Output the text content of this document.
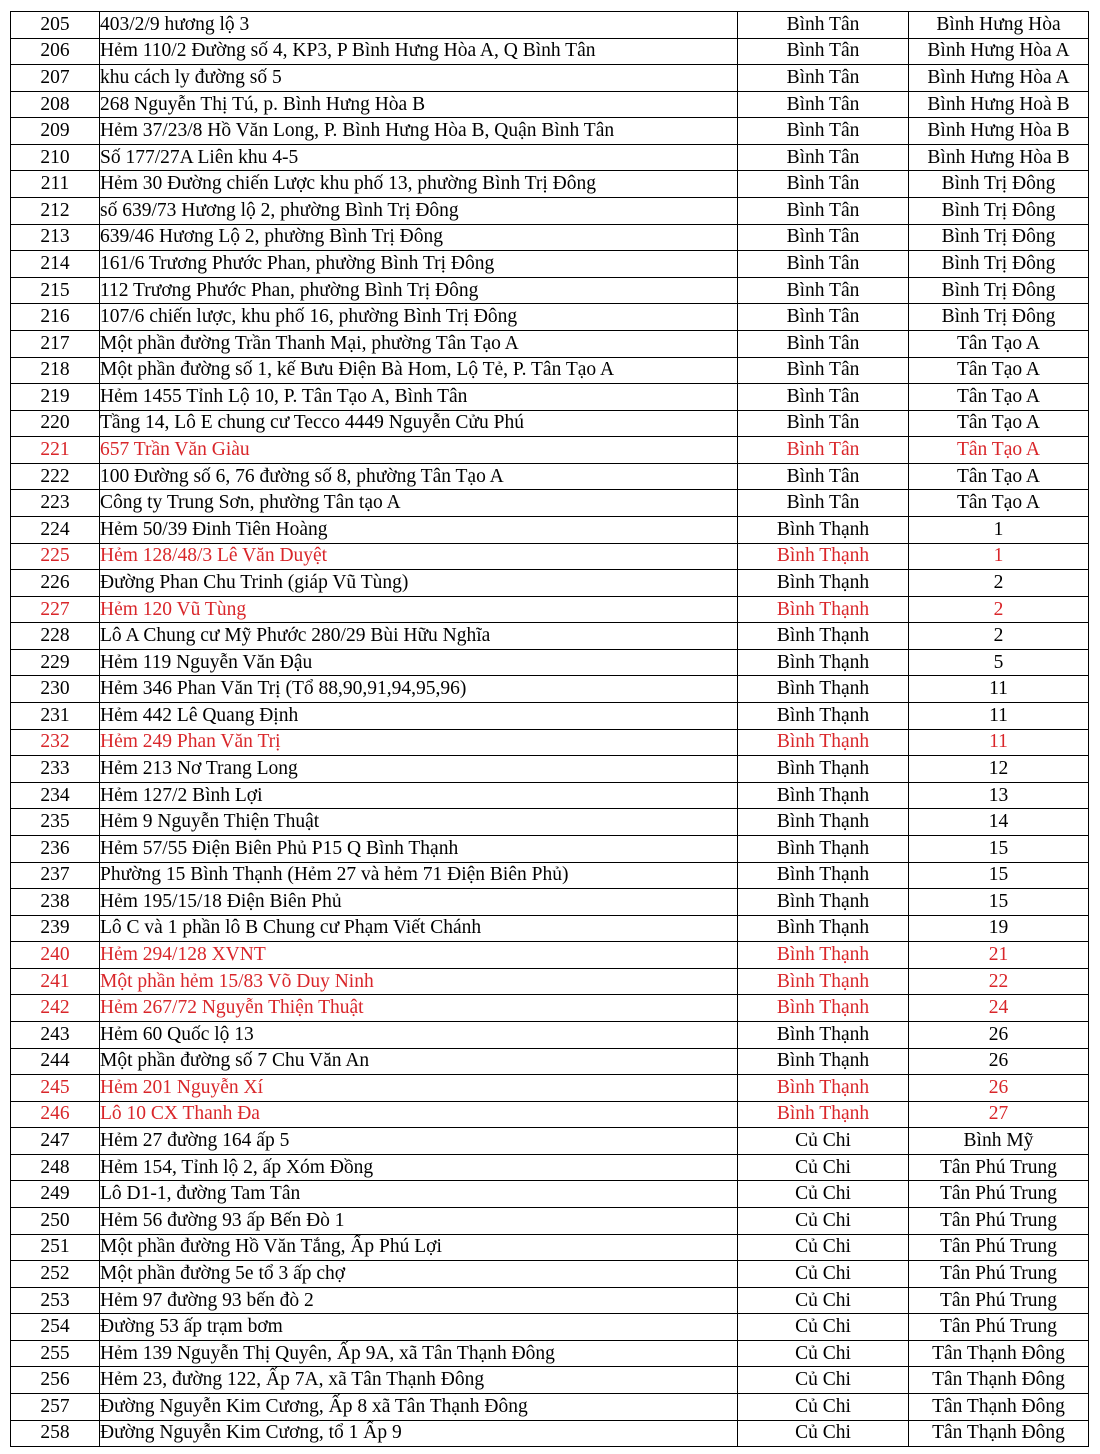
205	403/2/9 hương lộ 3	Bình Tân	Bình Hưng Hòa
206	Hẻm 110/2 Đường số 4, KP3, P Bình Hưng Hòa A, Q Bình Tân	Bình Tân	Bình Hưng Hòa A
207	khu cách ly đường số 5	Bình Tân	Bình Hưng Hòa A
208	268 Nguyễn Thị Tú, p. Bình Hưng Hòa B	Bình Tân	Bình Hưng Hoà B
209	Hẻm 37/23/8 Hồ Văn Long, P. Bình Hưng Hòa B, Quận Bình Tân	Bình Tân	Bình Hưng Hòa B
210	Số 177/27A Liên khu 4-5	Bình Tân	Bình Hưng Hòa B
211	Hẻm 30 Đường chiến Lược khu phố 13, phường Bình Trị Đông	Bình Tân	Bình Trị Đông
212	số 639/73 Hương lộ 2, phường Bình Trị Đông	Bình Tân	Bình Trị Đông
213	639/46 Hương Lộ 2, phường Bình Trị Đông	Bình Tân	Bình Trị Đông
214	161/6 Trương Phước Phan, phường Bình Trị Đông	Bình Tân	Bình Trị Đông
215	112 Trương Phước Phan, phường Bình Trị Đông	Bình Tân	Bình Trị Đông
216	107/6 chiến lược, khu phố 16, phường Bình Trị Đông	Bình Tân	Bình Trị Đông
217	Một phần đường Trần Thanh Mại, phường Tân Tạo A	Bình Tân	Tân Tạo A
218	Một phần đường số 1, kế Bưu Điện Bà Hom, Lộ Tẻ, P. Tân Tạo A	Bình Tân	Tân Tạo A
219	Hẻm 1455 Tỉnh Lộ 10, P. Tân Tạo A, Bình Tân	Bình Tân	Tân Tạo A
220	Tầng 14, Lô E chung cư Tecco 4449 Nguyễn Cửu Phú	Bình Tân	Tân Tạo A
221	657 Trần Văn Giàu	Bình Tân	Tân Tạo A
222	100 Đường số 6, 76 đường số 8, phường Tân Tạo A	Bình Tân	Tân Tạo A
223	Công ty Trung Sơn, phường Tân tạo A	Bình Tân	Tân Tạo A
224	Hẻm 50/39 Đinh Tiên Hoàng	Bình Thạnh	1
225	Hẻm 128/48/3 Lê Văn Duyệt	Bình Thạnh	1
226	Đường Phan Chu Trinh (giáp Vũ Tùng)	Bình Thạnh	2
227	Hẻm 120 Vũ Tùng	Bình Thạnh	2
228	Lô A Chung cư Mỹ Phước 280/29 Bùi Hữu Nghĩa	Bình Thạnh	2
229	Hẻm 119 Nguyễn Văn Đậu	Bình Thạnh	5
230	Hẻm 346 Phan Văn Trị (Tổ 88,90,91,94,95,96)	Bình Thạnh	11
231	Hẻm 442 Lê Quang Định	Bình Thạnh	11
232	Hẻm 249 Phan Văn Trị	Bình Thạnh	11
233	Hẻm 213 Nơ Trang Long	Bình Thạnh	12
234	Hẻm 127/2 Bình Lợi	Bình Thạnh	13
235	Hẻm 9 Nguyễn Thiện Thuật	Bình Thạnh	14
236	Hẻm 57/55 Điện Biên Phủ P15 Q Bình Thạnh	Bình Thạnh	15
237	Phường 15 Bình Thạnh (Hẻm 27 và hẻm 71 Điện Biên Phủ)	Bình Thạnh	15
238	Hẻm 195/15/18 Điện Biên Phủ	Bình Thạnh	15
239	Lô C và 1 phần lô B Chung cư Phạm Viết Chánh	Bình Thạnh	19
240	Hẻm 294/128 XVNT	Bình Thạnh	21
241	Một phần hẻm 15/83 Võ Duy Ninh	Bình Thạnh	22
242	Hẻm 267/72 Nguyễn Thiện Thuật	Bình Thạnh	24
243	Hẻm 60 Quốc lộ 13	Bình Thạnh	26
244	Một phần đường số 7 Chu Văn An	Bình Thạnh	26
245	Hẻm 201 Nguyễn Xí	Bình Thạnh	26
246	Lô 10 CX Thanh Đa	Bình Thạnh	27
247	Hẻm 27 đường 164 ấp 5	Củ Chi	Bình Mỹ
248	Hẻm 154, Tỉnh lộ 2, ấp Xóm Đồng	Củ Chi	Tân Phú Trung
249	Lô D1-1, đường Tam Tân	Củ Chi	Tân Phú Trung
250	Hẻm 56 đường 93 ấp Bến Đò 1	Củ Chi	Tân Phú Trung
251	Một phần đường Hồ Văn Tắng, Ấp Phú Lợi	Củ Chi	Tân Phú Trung
252	Một phần đường 5e tổ 3 ấp chợ	Củ Chi	Tân Phú Trung
253	Hẻm 97 đường 93 bến đò 2	Củ Chi	Tân Phú Trung
254	Đường 53 ấp trạm bơm	Củ Chi	Tân Phú Trung
255	Hẻm 139 Nguyễn Thị Quyên, Ấp 9A, xã Tân Thạnh Đông	Củ Chi	Tân Thạnh Đông
256	Hẻm 23, đường 122, Ấp 7A, xã Tân Thạnh Đông	Củ Chi	Tân Thạnh Đông
257	Đường Nguyễn Kim Cương, Ấp 8 xã Tân Thạnh Đông	Củ Chi	Tân Thạnh Đông
258	Đường Nguyễn Kim Cương, tổ 1 Ấp 9	Củ Chi	Tân Thạnh Đông
